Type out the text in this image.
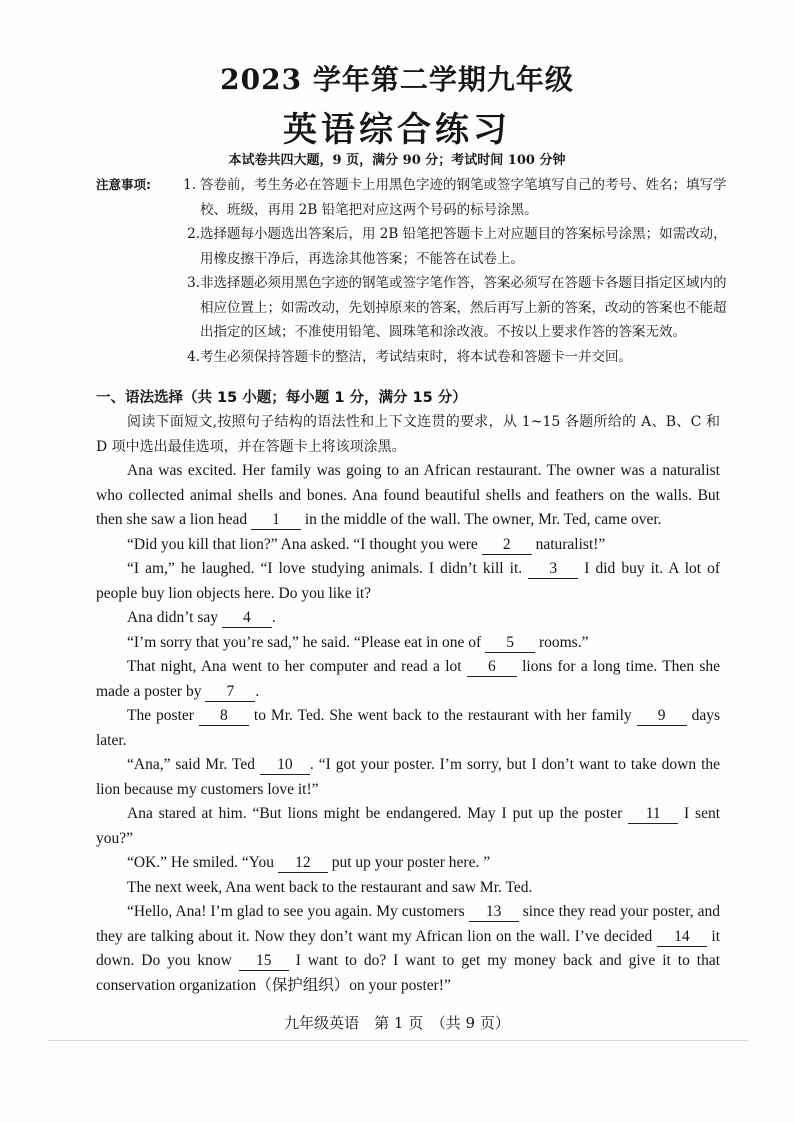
2023 学年第二学期九年级
英语综合练习
本试卷共四大题，9 页，满分 90 分；考试时间 100 分钟
注意事项:	1. 答卷前，考生务必在答题卡上用黑色字迹的钢笔或签字笔填写自己的考号、姓名；填写学校、班级，再用 2B 铅笔把对应这两个号码的标号涂黑。
2. 选择题每小题选出答案后，用 2B 铅笔把答题卡上对应题目的答案标号涂黑；如需改动，用橡皮擦干净后，再选涂其他答案；不能答在试卷上。
3. 非选择题必须用黑色字迹的钢笔或签字笔作答，答案必须写在答题卡各题目指定区域内的相应位置上；如需改动，先划掉原来的答案，然后再写上新的答案，改动的答案也不能超出指定的区域；不准使用铅笔、圆珠笔和涂改液。不按以上要求作答的答案无效。
4. 考生必须保持答题卡的整洁，考试结束时，将本试卷和答题卡一并交回。
一、语法选择（共 15 小题；每小题 1 分，满分 15 分）

阅读下面短文,按照句子结构的语法性和上下文连贯的要求，从 1~15 各题所给的 A、B、C 和 D 项中选出最佳选项，并在答题卡上将该项涂黑。

Ana was excited. Her family was going to an African restaurant. The owner was a naturalist who collected animal shells and bones. Ana found beautiful shells and feathers on the walls. But then she saw a lion head 1 in the middle of the wall. The owner, Mr. Ted, came over.

“Did you kill that lion?” Ana asked. “I thought you were 2 naturalist!”

“I am,” he laughed. “I love studying animals. I didn’t kill it. 3 I did buy it. A lot of people buy lion objects here. Do you like it?

Ana didn’t say 4 .

“I’m sorry that you’re sad,” he said. “Please eat in one of 5 rooms.”

That night, Ana went to her computer and read a lot 6 lions for a long time. Then she made a poster by 7 .

The poster 8 to Mr. Ted. She went back to the restaurant with her family 9 days later.

“Ana,” said Mr. Ted 10 . “I got your poster. I’m sorry, but I don’t want to take down the lion because my customers love it!”

Ana stared at him. “But lions might be endangered. May I put up the poster 11 I sent you?”

“OK.” He smiled. “You 12 put up your poster here. ”

The next week, Ana went back to the restaurant and saw Mr. Ted.

“Hello, Ana! I’m glad to see you again. My customers 13 since they read your poster, and they are talking about it. Now they don’t want my African lion on the wall. I’ve decided 14 it down. Do you know 15 I want to do? I want to get my money back and give it to that conservation organization（保护组织）on your poster!”

九年级英语　第 1 页　（共 9 页）
